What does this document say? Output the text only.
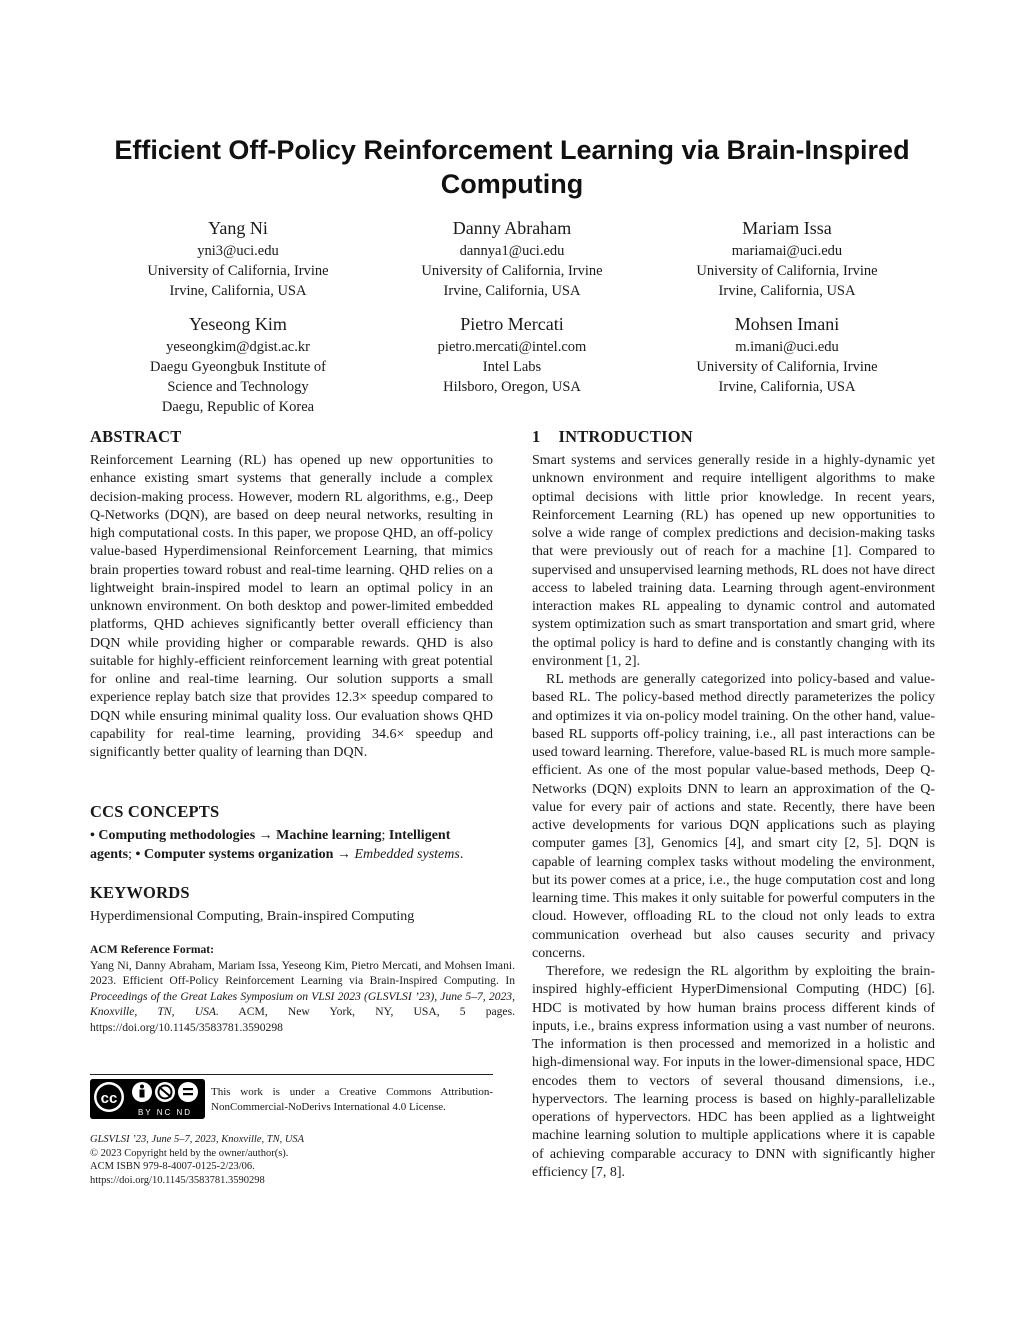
Efficient Off-Policy Reinforcement Learning via Brain-Inspired Computing
Yang Ni
yni3@uci.edu
University of California, Irvine
Irvine, California, USA
Danny Abraham
dannya1@uci.edu
University of California, Irvine
Irvine, California, USA
Mariam Issa
mariamai@uci.edu
University of California, Irvine
Irvine, California, USA
Yeseong Kim
yeseongkim@dgist.ac.kr
Daegu Gyeongbuk Institute of
Science and Technology
Daegu, Republic of Korea
Pietro Mercati
pietro.mercati@intel.com
Intel Labs
Hilsboro, Oregon, USA
Mohsen Imani
m.imani@uci.edu
University of California, Irvine
Irvine, California, USA
ABSTRACT

Reinforcement Learning (RL) has opened up new opportunities to enhance existing smart systems that generally include a complex decision-making process. However, modern RL algorithms, e.g., Deep Q-Networks (DQN), are based on deep neural networks, resulting in high computational costs. In this paper, we propose QHD, an off-policy value-based Hyperdimensional Reinforcement Learning, that mimics brain properties toward robust and real-time learning. QHD relies on a lightweight brain-inspired model to learn an optimal policy in an unknown environment. On both desktop and power-limited embedded platforms, QHD achieves significantly better overall efficiency than DQN while providing higher or comparable rewards. QHD is also suitable for highly-efficient reinforcement learning with great potential for online and real-time learning. Our solution supports a small experience replay batch size that provides 12.3× speedup compared to DQN while ensuring minimal quality loss. Our evaluation shows QHD capability for real-time learning, providing 34.6× speedup and significantly better quality of learning than DQN.

CCS CONCEPTS
• Computing methodologies → Machine learning; Intelligent agents; • Computer systems organization → Embedded systems.
KEYWORDS
Hyperdimensional Computing, Brain-inspired Computing
ACM Reference Format:
Yang Ni, Danny Abraham, Mariam Issa, Yeseong Kim, Pietro Mercati, and Mohsen Imani. 2023. Efficient Off-Policy Reinforcement Learning via Brain-Inspired Computing. In Proceedings of the Great Lakes Symposium on VLSI 2023 (GLSVLSI ’23), June 5–7, 2023, Knoxville, TN, USA. ACM, New York, NY, USA, 5 pages. https://doi.org/10.1145/3583781.3590298
cc
BY NC ND
This work is under a Creative Commons Attribution-NonCommercial-NoDerivs International 4.0 License.
GLSVLSI ’23, June 5–7, 2023, Knoxville, TN, USA
© 2023 Copyright held by the owner/author(s).
ACM ISBN 979-8-4007-0125-2/23/06.
https://doi.org/10.1145/3583781.3590298
1 INTRODUCTION

Smart systems and services generally reside in a highly-dynamic yet unknown environment and require intelligent algorithms to make optimal decisions with little prior knowledge. In recent years, Reinforcement Learning (RL) has opened up new opportunities to solve a wide range of complex predictions and decision-making tasks that were previously out of reach for a machine [1]. Compared to supervised and unsupervised learning methods, RL does not have direct access to labeled training data. Learning through agent-environment interaction makes RL appealing to dynamic control and automated system optimization such as smart transportation and smart grid, where the optimal policy is hard to define and is constantly changing with its environment [1, 2].

RL methods are generally categorized into policy-based and value-based RL. The policy-based method directly parameterizes the policy and optimizes it via on-policy model training. On the other hand, value-based RL supports off-policy training, i.e., all past interactions can be used toward learning. Therefore, value-based RL is much more sample-efficient. As one of the most popular value-based methods, Deep Q-Networks (DQN) exploits DNN to learn an approximation of the Q-value for every pair of actions and state. Recently, there have been active developments for various DQN applications such as playing computer games [3], Genomics [4], and smart city [2, 5]. DQN is capable of learning complex tasks without modeling the environment, but its power comes at a price, i.e., the huge computation cost and long learning time. This makes it only suitable for powerful computers in the cloud. However, offloading RL to the cloud not only leads to extra communication overhead but also causes security and privacy concerns.

Therefore, we redesign the RL algorithm by exploiting the brain-inspired highly-efficient HyperDimensional Computing (HDC) [6]. HDC is motivated by how human brains process different kinds of inputs, i.e., brains express information using a vast number of neurons. The information is then processed and memorized in a holistic and high-dimensional way. For inputs in the lower-dimensional space, HDC encodes them to vectors of several thousand dimensions, i.e., hypervectors. The learning process is based on highly-parallelizable operations of hypervectors. HDC has been applied as a lightweight machine learning solution to multiple applications where it is capable of achieving comparable accuracy to DNN with significantly higher efficiency [7, 8].
